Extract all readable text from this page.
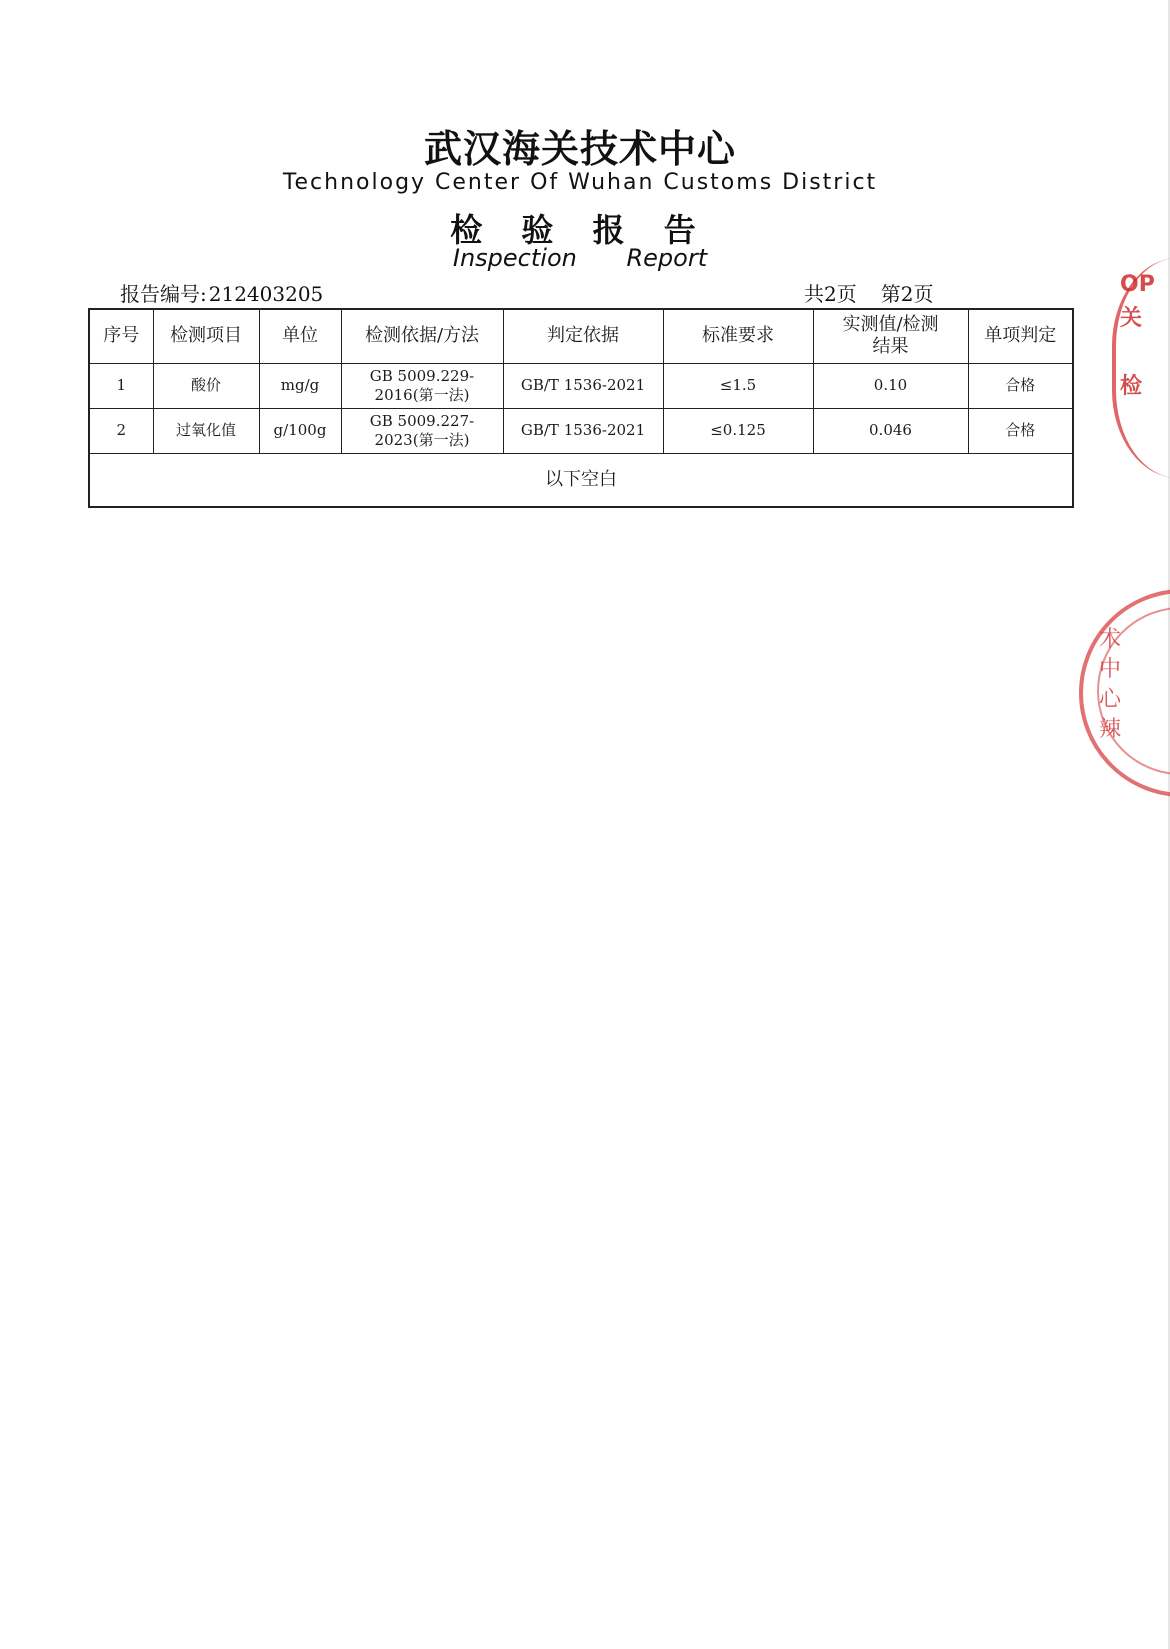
武汉海关技术中心
Technology Center Of Wuhan Customs District
检 验 报 告
Inspection Report
报告编号: 212403205	共2页 第2页
序号	检测项目	单位	检测依据/方法	判定依据	标准要求	实测值/检测结果	单项判定
1	酸价	mg/g	GB 5009.229-2016(第一法)	GB/T 1536-2021	≤1.5	0.10	合格
2	过氧化值	g/100g	GB 5009.227-2023(第一法)	GB/T 1536-2021	≤0.125	0.046	合格
以下空白							
OP
关

检
术
中
心
辣
